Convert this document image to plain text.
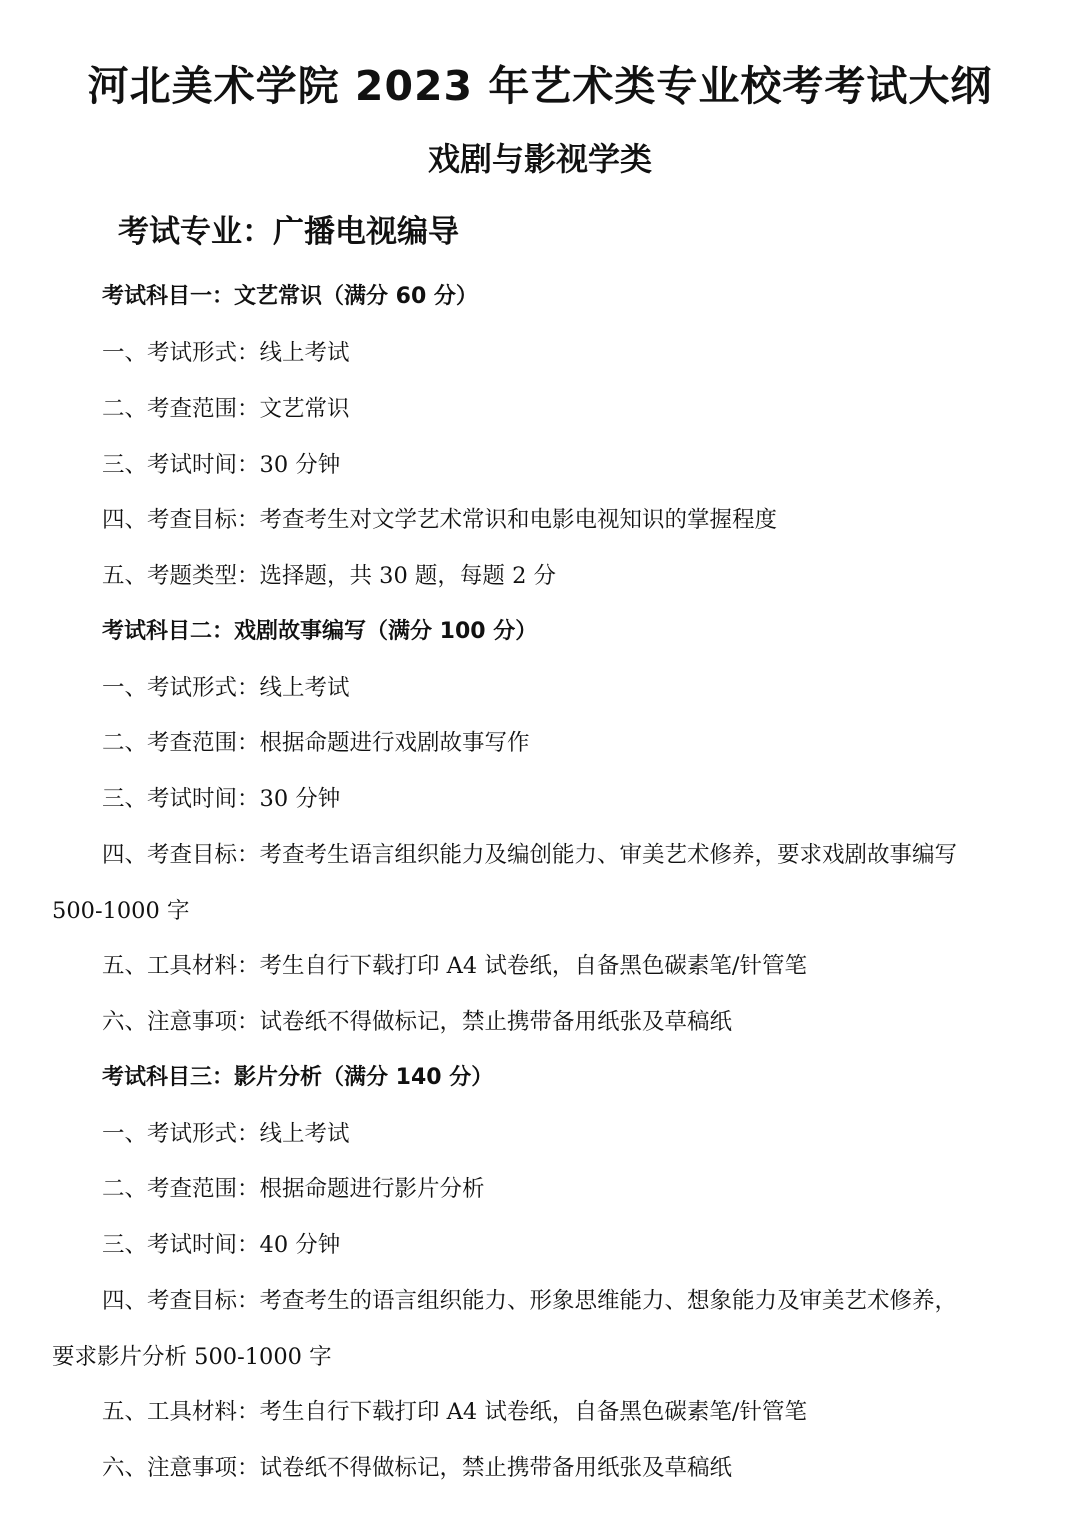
河北美术学院 2023 年艺术类专业校考考试大纲
戏剧与影视学类
考试专业：广播电视编导
考试科目一：文艺常识（满分 60 分）
一、考试形式：线上考试
二、考查范围：文艺常识
三、考试时间：30 分钟
四、考查目标：考查考生对文学艺术常识和电影电视知识的掌握程度
五、考题类型：选择题，共 30 题，每题 2 分
考试科目二：戏剧故事编写（满分 100 分）
一、考试形式：线上考试
二、考查范围：根据命题进行戏剧故事写作
三、考试时间：30 分钟
四、考查目标：考查考生语言组织能力及编创能力、审美艺术修养，要求戏剧故事编写
500-1000 字
五、工具材料：考生自行下载打印 A4 试卷纸，自备黑色碳素笔/针管笔
六、注意事项：试卷纸不得做标记，禁止携带备用纸张及草稿纸
考试科目三：影片分析（满分 140 分）
一、考试形式：线上考试
二、考查范围：根据命题进行影片分析
三、考试时间：40 分钟
四、考查目标：考查考生的语言组织能力、形象思维能力、想象能力及审美艺术修养，
要求影片分析 500-1000 字
五、工具材料：考生自行下载打印 A4 试卷纸，自备黑色碳素笔/针管笔
六、注意事项：试卷纸不得做标记，禁止携带备用纸张及草稿纸
